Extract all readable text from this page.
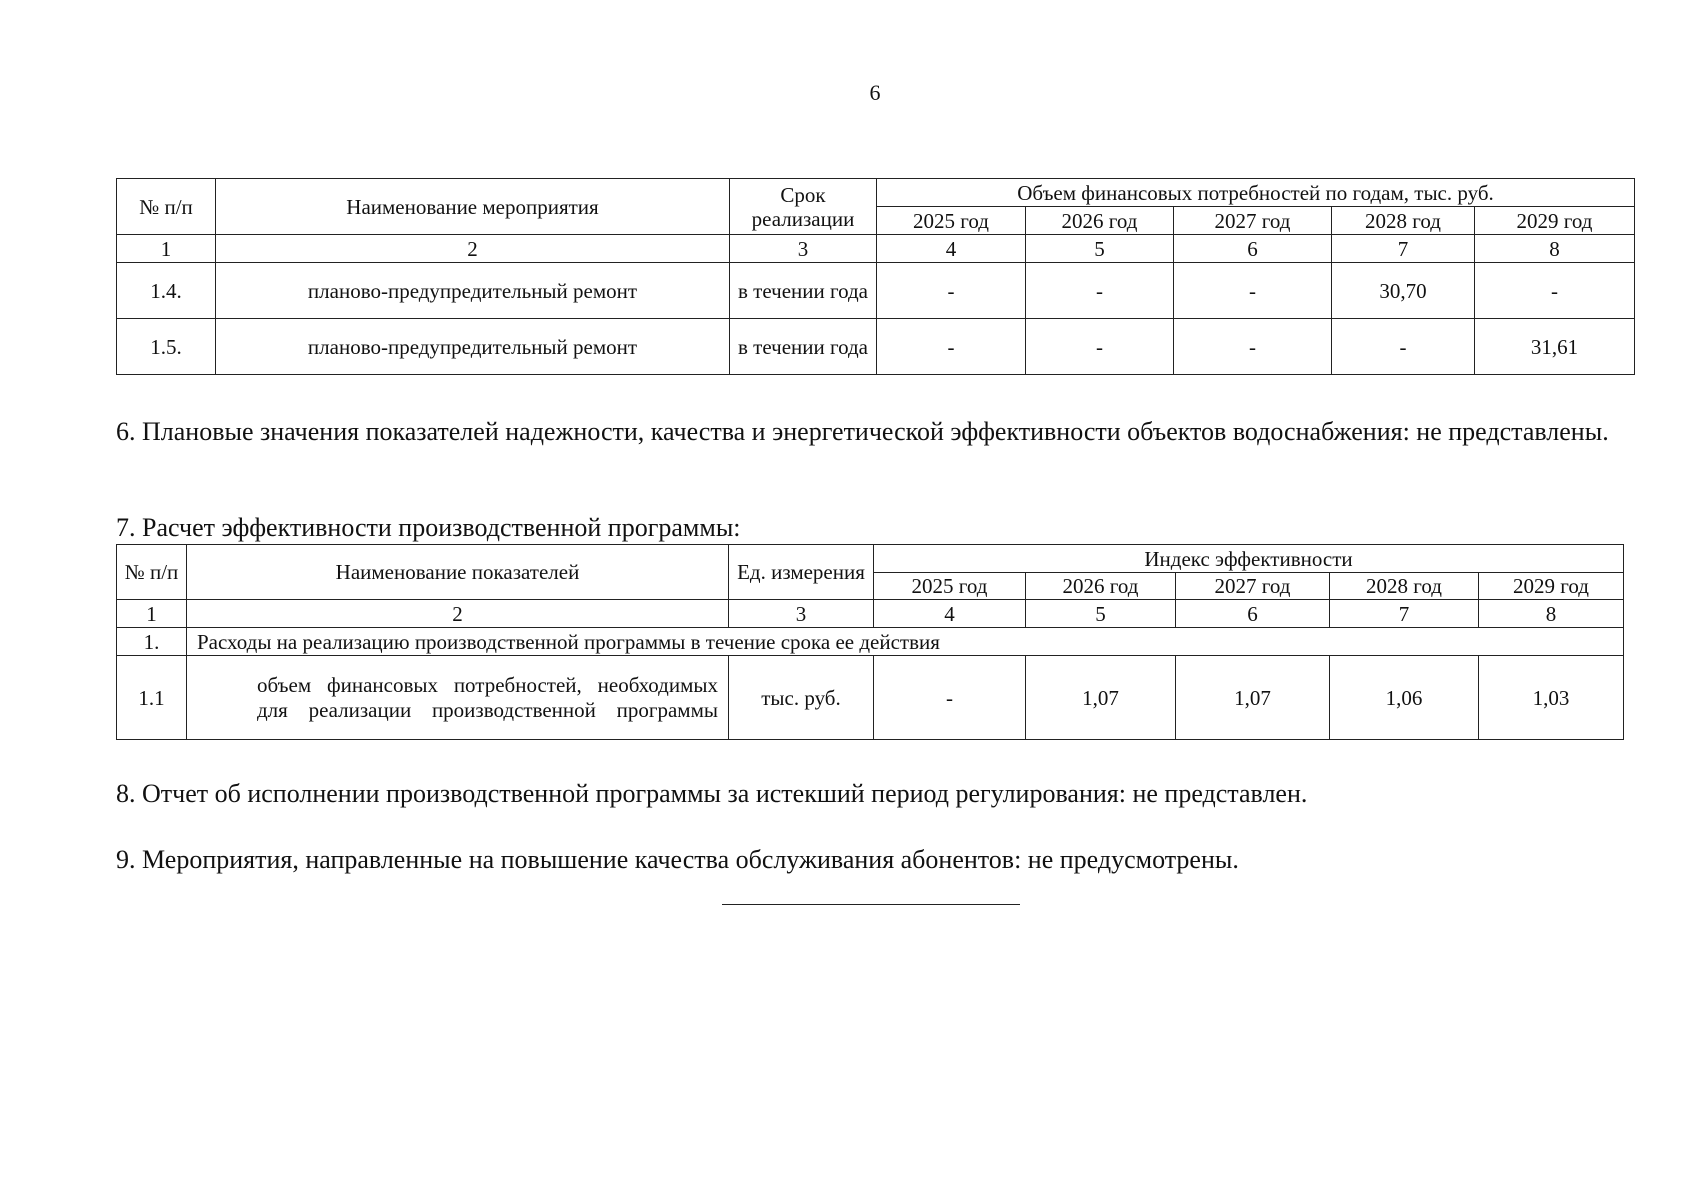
6
№ п/п	Наименование мероприятия	Срок реализации	Объем финансовых потребностей по годам, тыс. руб.				
			2025 год	2026 год	2027 год	2028 год	2029 год
1	2	3	4	5	6	7	8
1.4.	планово-предупредительный ремонт	в течении года	-	-	-	30,70	-
1.5.	планово-предупредительный ремонт	в течении года	-	-	-	-	31,61
6. Плановые значения показателей надежности, качества и энергетической эффективности объектов водоснабжения: не представлены.
7. Расчет эффективности производственной программы:
№ п/п	Наименование показателей	Ед. измерения	Индекс эффективности				
			2025 год	2026 год	2027 год	2028 год	2029 год
1	2	3	4	5	6	7	8
1.	Расходы на реализацию производственной программы в течение срока ее действия						
1.1	объем финансовых потребностей, необходимых для реализации производственной программы	тыс. руб.	-	1,07	1,07	1,06	1,03
8. Отчет об исполнении производственной программы за истекший период регулирования: не представлен.
9. Мероприятия, направленные на повышение качества обслуживания абонентов: не предусмотрены.
